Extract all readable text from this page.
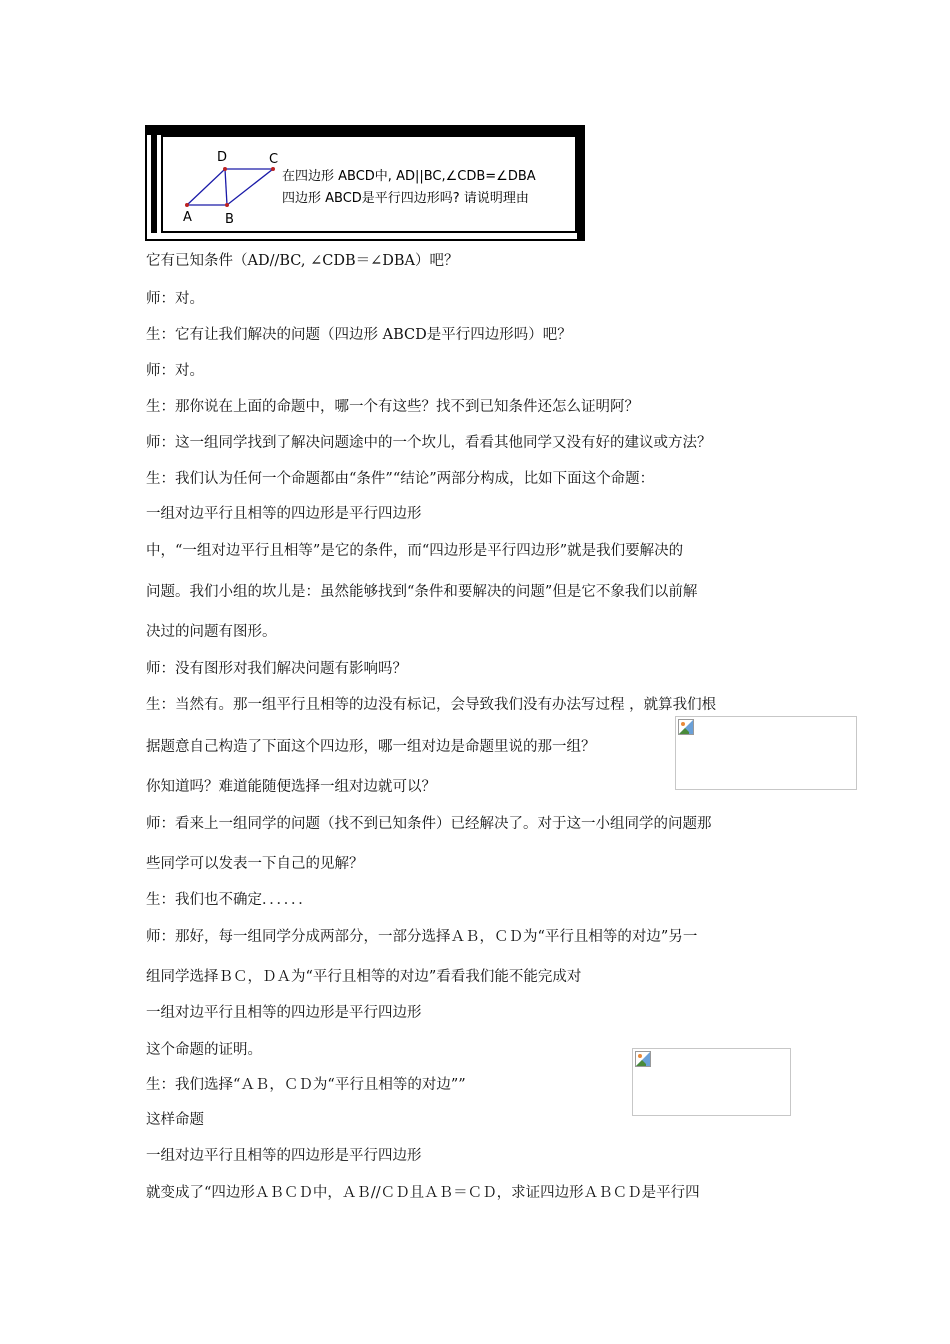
D	C
A	B
在四边形 ABCD中, AD||BC,∠CDB=∠DBA
四边形 ABCD是平行四边形吗? 请说明理由
它有已知条件（AD//BC, ∠CDB＝∠DBA）吧？
师：对。
生：它有让我们解决的问题（四边形 ABCD是平行四边形吗）吧？
师：对。
生：那你说在上面的命题中，哪一个有这些？找不到已知条件还怎么证明阿？
师：这一组同学找到了解决问题途中的一个坎儿，看看其他同学又没有好的建议或方法？
生：我们认为任何一个命题都由“条件”“结论”两部分构成，比如下面这个命题：
一组对边平行且相等的四边形是平行四边形
中，“一组对边平行且相等”是它的条件，而“四边形是平行四边形”就是我们要解决的
问题。我们小组的坎儿是：虽然能够找到“条件和要解决的问题”但是它不象我们以前解
决过的问题有图形。
师：没有图形对我们解决问题有影响吗？
生：当然有。那一组平行且相等的边没有标记，会导致我们没有办法写过程 ，就算我们根
据题意自己构造了下面这个四边形，哪一组对边是命题里说的那一组？
你知道吗？难道能随便选择一组对边就可以？
师：看来上一组同学的问题（找不到已知条件）已经解决了。对于这一小组同学的问题那
些同学可以发表一下自己的见解？
生：我们也不确定．．．．．．
师：那好，每一组同学分成两部分，一部分选择ＡＢ，ＣＤ为“平行且相等的对边”另一
组同学选择ＢＣ，ＤＡ为“平行且相等的对边”看看我们能不能完成对
一组对边平行且相等的四边形是平行四边形
这个命题的证明。
生：我们选择“ＡＢ，ＣＤ为“平行且相等的对边””
这样命题
一组对边平行且相等的四边形是平行四边形
就变成了“四边形ＡＢＣＤ中，ＡＢ//ＣＤ且ＡＢ＝ＣＤ，求证四边形ＡＢＣＤ是平行四
